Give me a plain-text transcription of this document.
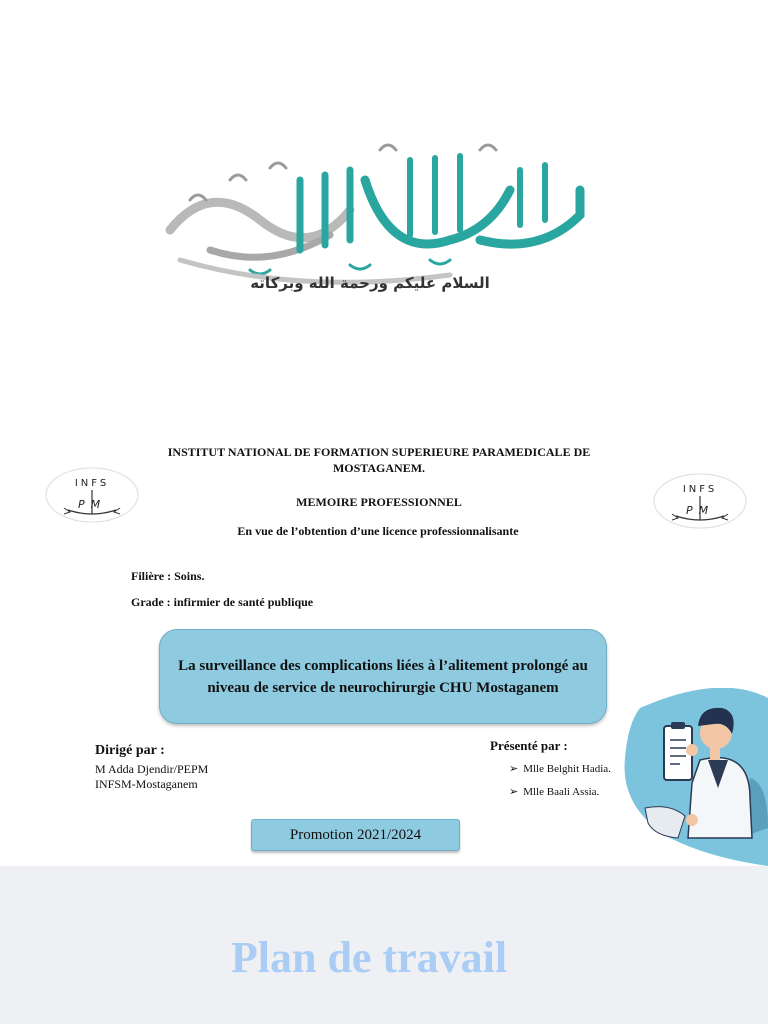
السلام عليكم ورحمة الله وبركاته
INFS
PM
INFS
PM
INSTITUT NATIONAL DE FORMATION SUPERIEURE PARAMEDICALE DE MOSTAGANEM.
MEMOIRE PROFESSIONNEL
En vue de l’obtention d’une licence professionnalisante
Filière : Soins.
Grade : infirmier de santé publique
La surveillance des complications liées à l’alitement prolongé au niveau de service de neurochirurgie CHU Mostaganem
Dirigé par :
M Adda Djendir/PEPM
INFSM-Mostaganem
Présenté par :
➢ Mlle Belghit Hadia.
➢ Mlle Baali Assia.
Promotion 2021/2024
Plan de travail
